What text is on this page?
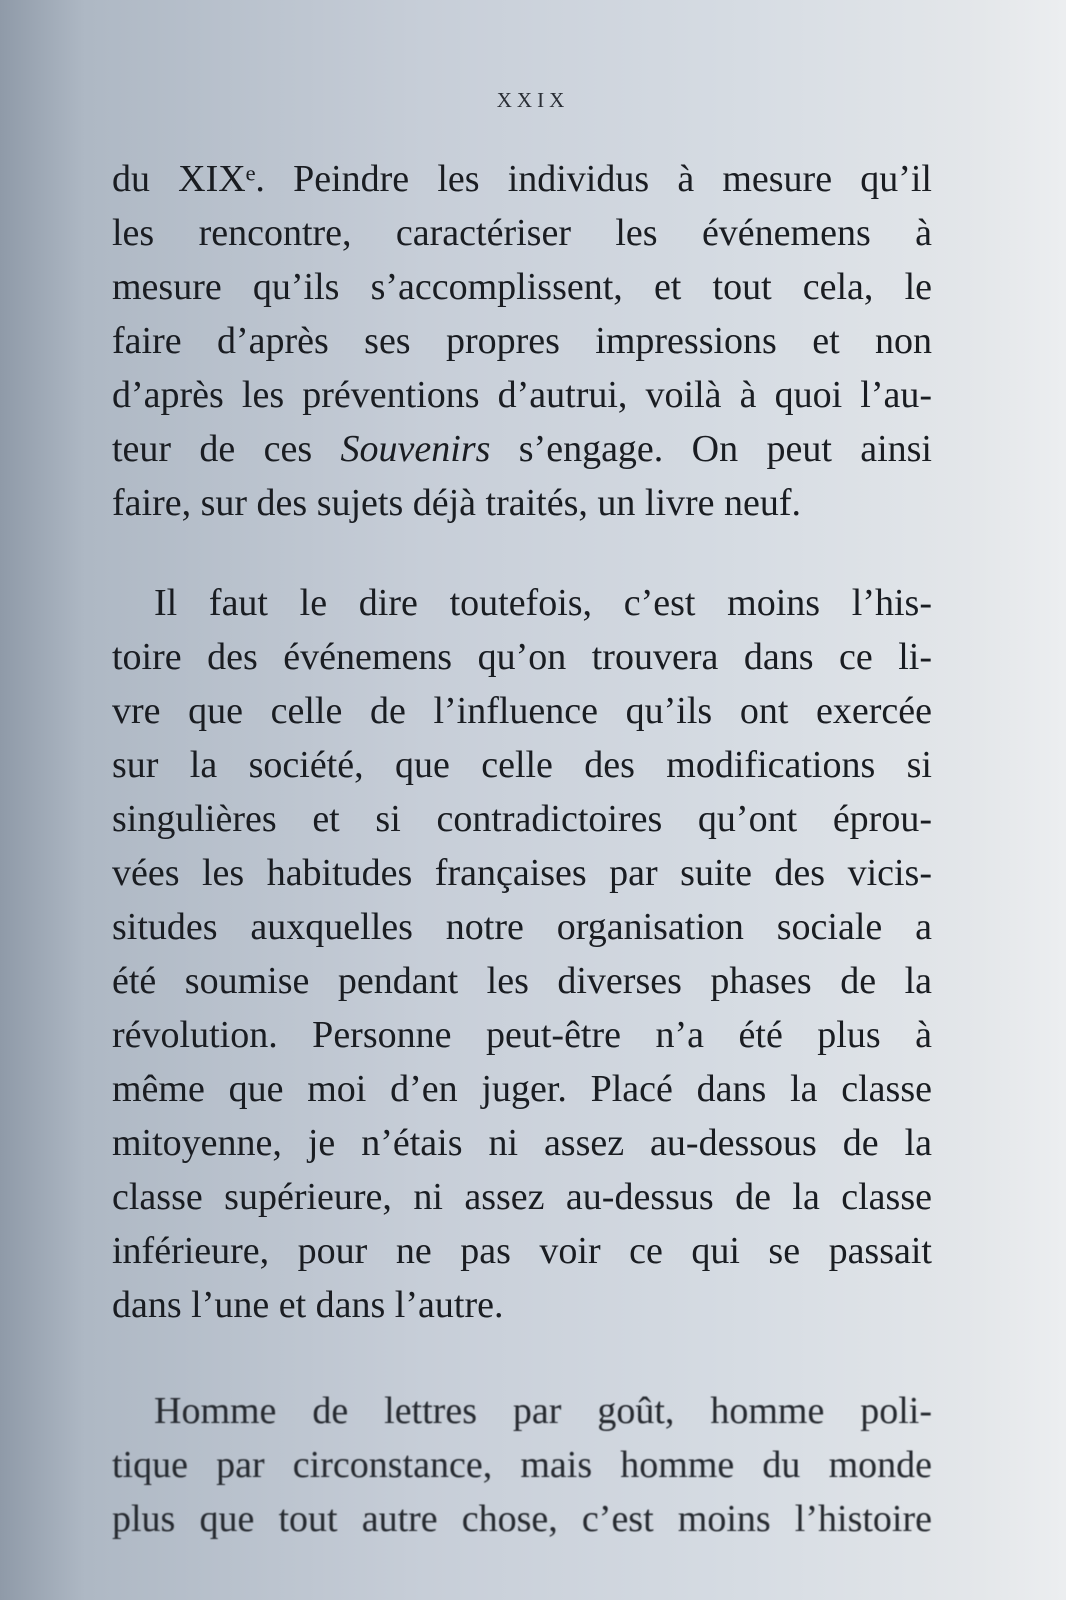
XXIX
du XIXᵉ. Peindre les individus à mesure qu’il
les rencontre, caractériser les événemens à
mesure qu’ils s’accomplissent, et tout cela, le
faire d’après ses propres impressions et non
d’après les préventions d’autrui, voilà à quoi l’au-
teur de ces Souvenirs s’engage. On peut ainsi
faire, sur des sujets déjà traités, un livre neuf.
Il faut le dire toutefois, c’est moins l’his-
toire des événemens qu’on trouvera dans ce li-
vre que celle de l’influence qu’ils ont exercée
sur la société, que celle des modifications si
singulières et si contradictoires qu’ont éprou-
vées les habitudes françaises par suite des vicis-
situdes auxquelles notre organisation sociale a
été soumise pendant les diverses phases de la
révolution. Personne peut-être n’a été plus à
même que moi d’en juger. Placé dans la classe
mitoyenne, je n’étais ni assez au-dessous de la
classe supérieure, ni assez au-dessus de la classe
inférieure, pour ne pas voir ce qui se passait
dans l’une et dans l’autre.
Homme de lettres par goût, homme poli-
tique par circonstance, mais homme du monde
plus que tout autre chose, c’est moins l’histoire
